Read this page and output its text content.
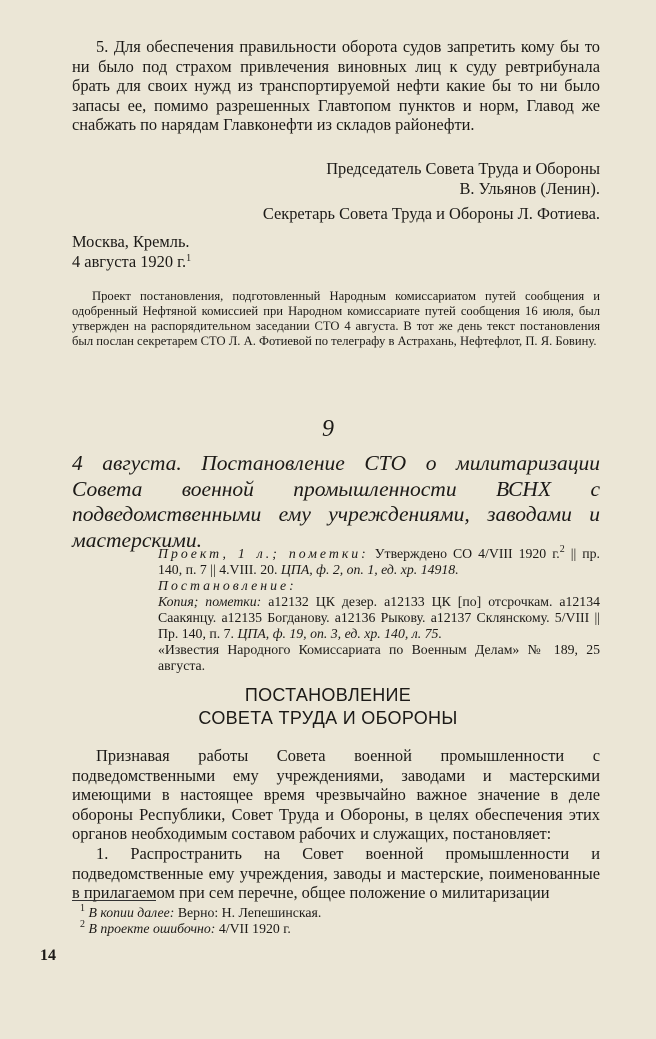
5. Для обеспечения правильности оборота судов запретить кому бы то ни было под страхом привлечения виновных лиц к суду ревтрибунала брать для своих нужд из транспортируемой нефти какие бы то ни было запасы ее, помимо разрешенных Главтопом пунктов и норм, Главод же снабжать по нарядам Главконефти из складов районефти.

Председатель Совета Труда и Обороны

В. Ульянов (Ленин).

Секретарь Совета Труда и Обороны Л. Фотиева.

Москва, Кремль.

4 августа 1920 г.$^1$

Проект постановления, подготовленный Народным комиссариатом путей сообщения и одобренный Нефтяной комиссией при Народном комиссариате путей сообщения 16 июля, был утвержден на распорядительном заседании СТО 4 августа. В тот же день текст постановления был послан секретарем СТО Л. А. Фотиевой по телеграфу в Астрахань, Нефтефлот, П. Я. Бовину.

9

4 августа. Постановление СТО о милитаризации Совета военной промышленности ВСНХ с подведомственными ему учреждениями, заводами и мастерскими.

Проект, 1 л.; пометки: Утверждено СО 4/VIII 1920 г.$^2$ || пр. 140, п. 7 || 4.VIII. 20. ЦПА, ф. 2, оп. 1, ед. хр. 14918.

Постановление:

Копия; пометки: а12132 ЦК дезер. а12133 ЦК [по] отсрочкам. а12134 Саакянцу. а12135 Богданову. а12136 Рыкову. а12137 Склянскому. 5/VIII || Пр. 140, п. 7. ЦПА, ф. 19, оп. 3, ед. хр. 140, л. 75.

«Известия Народного Комиссариата по Военным Делам» № 189, 25 августа.

ПОСТАНОВЛЕНИЕ
СОВЕТА ТРУДА И ОБОРОНЫ

Признавая работы Совета военной промышленности с подведомственными ему учреждениями, заводами и мастерскими имеющими в настоящее время чрезвычайно важное значение в деле обороны Республики, Совет Труда и Обороны, в целях обеспечения этих органов необходимым составом рабочих и служащих, постановляет:

1. Распространить на Совет военной промышленности и подведомственные ему учреждения, заводы и мастерские, поименованные в прилагаемом при сем перечне, общее положение о милитаризации

$^1$ В копии далее: Верно: Н. Лепешинская.

$^2$ В проекте ошибочно: 4/VII 1920 г.

14
